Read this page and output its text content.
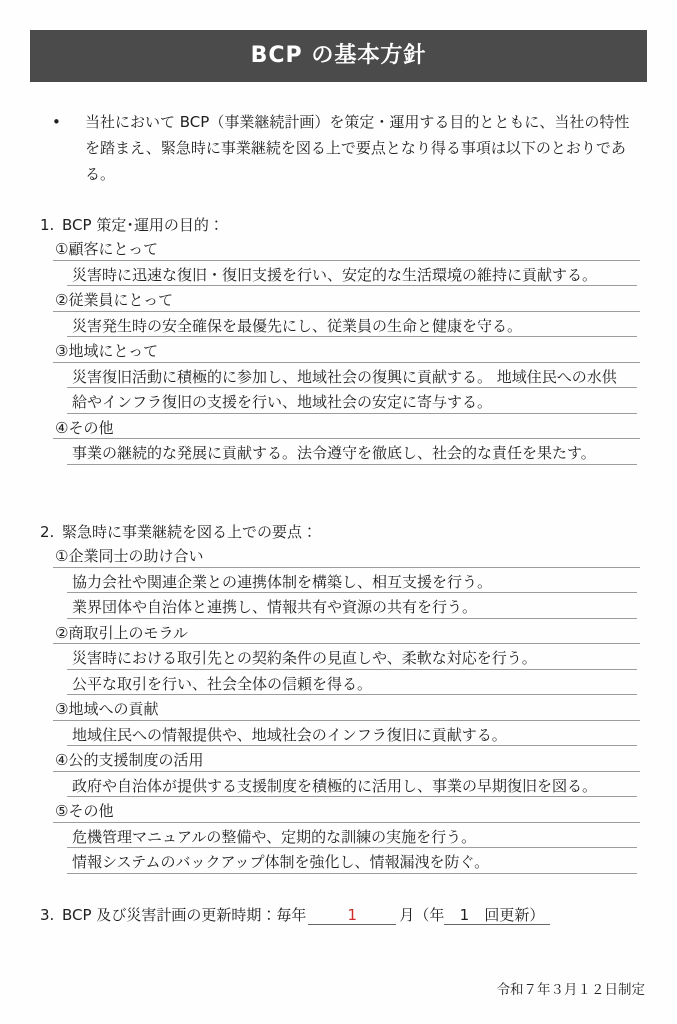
BCP の基本方針
• 当社において BCP（事業継続計画）を策定・運用する目的とともに、当社の特性
を踏まえ、緊急時に事業継続を図る上で要点となり得る事項は以下のとおりであ
る。
1. BCP 策定･運用の目的：
①顧客にとって
災害時に迅速な復旧・復旧支援を行い、安定的な生活環境の維持に貢献する。
②従業員にとって
災害発生時の安全確保を最優先にし、従業員の生命と健康を守る。
③地域にとって
災害復旧活動に積極的に参加し、地域社会の復興に貢献する。 地域住民への水供
給やインフラ復旧の支援を行い、地域社会の安定に寄与する。
④その他
事業の継続的な発展に貢献する。法令遵守を徹底し、社会的な責任を果たす。
2. 緊急時に事業継続を図る上での要点：
①企業同士の助け合い
協力会社や関連企業との連携体制を構築し、相互支援を行う。
業界団体や自治体と連携し、情報共有や資源の共有を行う。
②商取引上のモラル
災害時における取引先との契約条件の見直しや、柔軟な対応を行う。
公平な取引を行い、社会全体の信頼を得る。
③地域への貢献
地域住民への情報提供や、地域社会のインフラ復旧に貢献する。
④公的支援制度の活用
政府や自治体が提供する支援制度を積極的に活用し、事業の早期復旧を図る。
⑤その他
危機管理マニュアルの整備や、定期的な訓練の実施を行う。
情報システムのバックアップ体制を強化し、情報漏洩を防ぐ。
3. BCP 及び災害計画の更新時期：毎年	1	月（年 1 回更新）
令和７年３月１２日制定
